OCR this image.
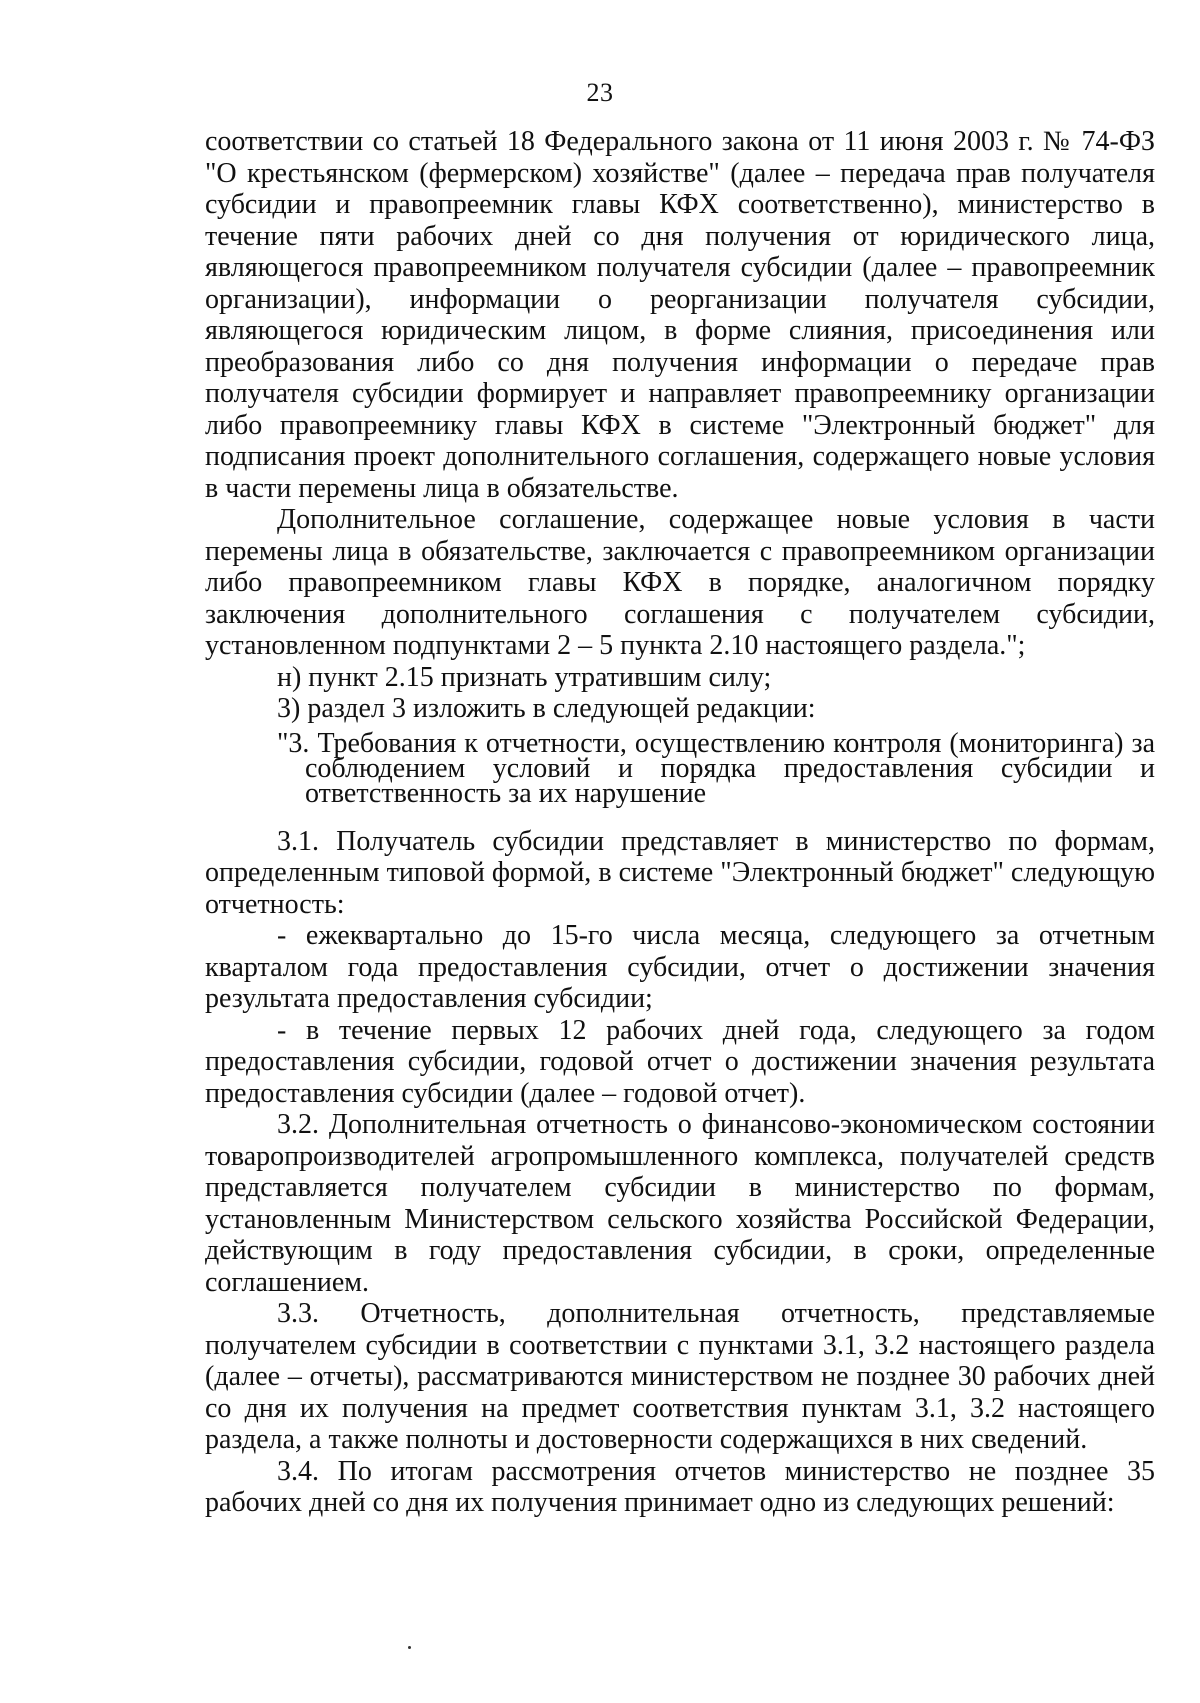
23

соответствии со статьей 18 Федерального закона от 11 июня 2003 г. № 74-ФЗ "О крестьянском (фермерском) хозяйстве" (далее – передача прав получателя субсидии и правопреемник главы КФХ соответственно), министерство в течение пяти рабочих дней со дня получения от юридического лица, являющегося правопреемником получателя субсидии (далее – правопреемник организации), информации о реорганизации получателя субсидии, являющегося юридическим лицом, в форме слияния, присоединения или преобразования либо со дня получения информации о передаче прав получателя субсидии формирует и направляет правопреемнику организации либо правопреемнику главы КФХ в системе "Электронный бюджет" для подписания проект дополнительного соглашения, содержащего новые условия в части перемены лица в обязательстве.

Дополнительное соглашение, содержащее новые условия в части перемены лица в обязательстве, заключается с правопреемником организации либо правопреемником главы КФХ в порядке, аналогичном порядку заключения дополнительного соглашения с получателем субсидии, установленном подпунктами 2 – 5 пункта 2.10 настоящего раздела.";

н) пункт 2.15 признать утратившим силу;

3) раздел 3 изложить в следующей редакции:

"3. Требования к отчетности, осуществлению контроля (мониторинга) за соблюдением условий и порядка предоставления субсидии и ответственность за их нарушение

3.1. Получатель субсидии представляет в министерство по формам, определенным типовой формой, в системе "Электронный бюджет" следующую отчетность:

- ежеквартально до 15-го числа месяца, следующего за отчетным кварталом года предоставления субсидии, отчет о достижении значения результата предоставления субсидии;

- в течение первых 12 рабочих дней года, следующего за годом предоставления субсидии, годовой отчет о достижении значения результата предоставления субсидии (далее – годовой отчет).

3.2. Дополнительная отчетность о финансово-экономическом состоянии товаропроизводителей агропромышленного комплекса, получателей средств представляется получателем субсидии в министерство по формам, установленным Министерством сельского хозяйства Российской Федерации, действующим в году предоставления субсидии, в сроки, определенные соглашением.

3.3. Отчетность, дополнительная отчетность, представляемые получателем субсидии в соответствии с пунктами 3.1, 3.2 настоящего раздела (далее – отчеты), рассматриваются министерством не позднее 30 рабочих дней со дня их получения на предмет соответствия пунктам 3.1, 3.2 настоящего раздела, а также полноты и достоверности содержащихся в них сведений.

3.4. По итогам рассмотрения отчетов министерство не позднее 35 рабочих дней со дня их получения принимает одно из следующих решений:
